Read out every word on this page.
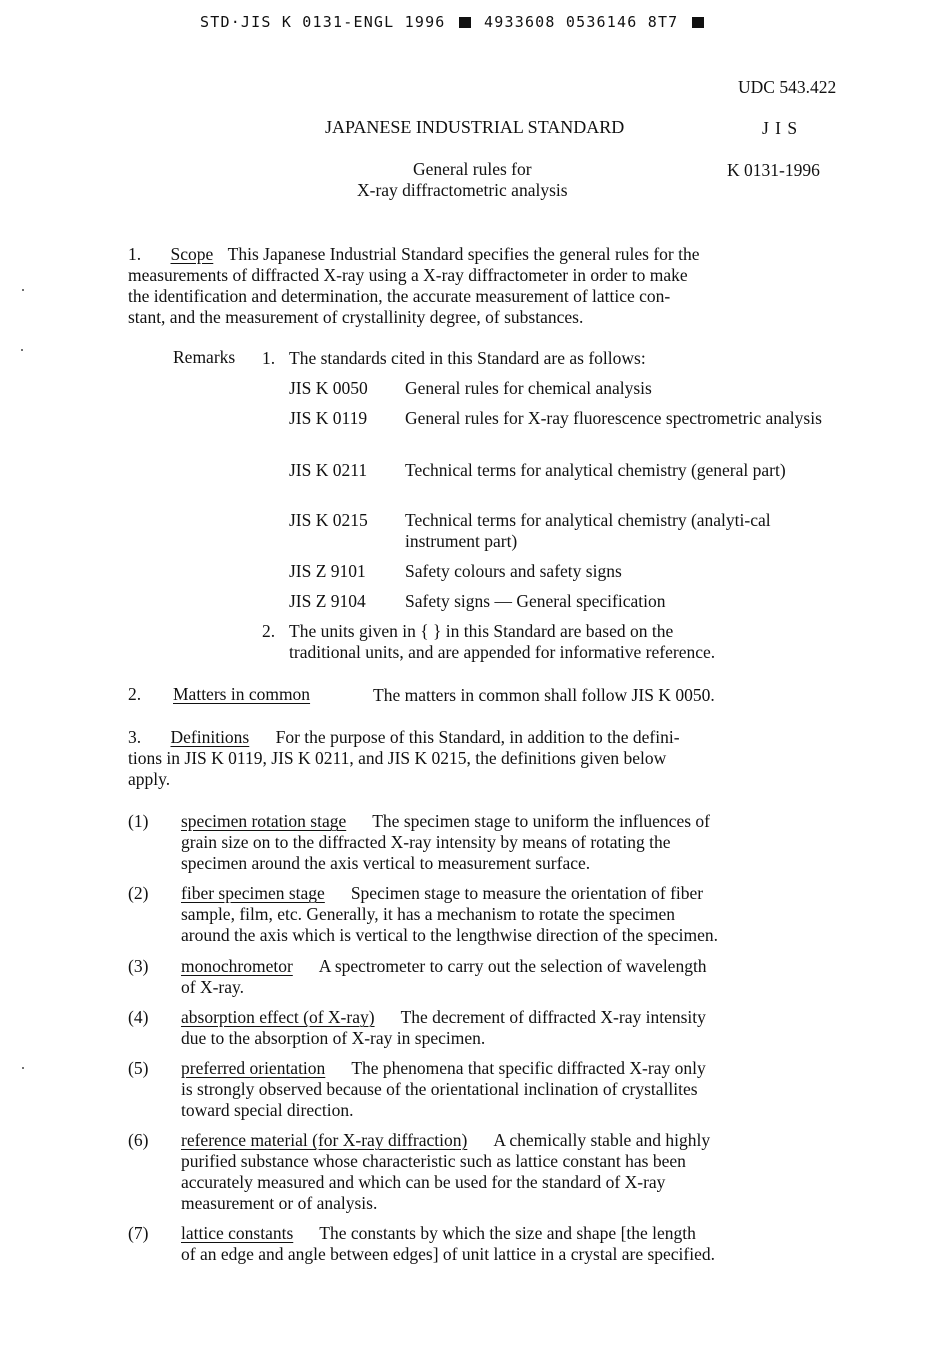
STD·JIS K 0131-ENGL 1996	4933608 0536146 8T7
UDC 543.422
JAPANESE INDUSTRIAL STANDARD	J I S
General rules for
X-ray diffractometric analysis
K 0131-1996
1. Scope This Japanese Industrial Standard specifies the general rules for the
measurements of diffracted X-ray using a X-ray diffractometer in order to make
the identification and determination, the accurate measurement of lattice con-
stant, and the measurement of crystallinity degree, of substances.
Remarks 1. The standards cited in this Standard are as follows:
JIS K 0050 General rules for chemical analysis
JIS K 0119 General rules for X-ray fluorescence spectrometric analysis
JIS K 0211 Technical terms for analytical chemistry (general part)
JIS K 0215 Technical terms for analytical chemistry (analyti-cal instrument part)
JIS Z 9101 Safety colours and safety signs
JIS Z 9104 Safety signs — General specification
2. The units given in { } in this Standard are based on the
traditional units, and are appended for informative reference.
2. Matters in common	The matters in common shall follow JIS K 0050.
3. Definitions For the purpose of this Standard, in addition to the defini-
tions in JIS K 0119, JIS K 0211, and JIS K 0215, the definitions given below
apply.
(1) specimen rotation stage The specimen stage to uniform the influences of
grain size on to the diffracted X-ray intensity by means of rotating the
specimen around the axis vertical to measurement surface.
(2) fiber specimen stage Specimen stage to measure the orientation of fiber
sample, film, etc. Generally, it has a mechanism to rotate the specimen
around the axis which is vertical to the lengthwise direction of the specimen.
(3) monochrometor A spectrometer to carry out the selection of wavelength
of X-ray.
(4) absorption effect (of X-ray) The decrement of diffracted X-ray intensity
due to the absorption of X-ray in specimen.
(5) preferred orientation The phenomena that specific diffracted X-ray only
is strongly observed because of the orientational inclination of crystallites
toward special direction.
(6) reference material (for X-ray diffraction) A chemically stable and highly
purified substance whose characteristic such as lattice constant has been
accurately measured and which can be used for the standard of X-ray
measurement or of analysis.
(7) lattice constants The constants by which the size and shape [the length
of an edge and angle between edges] of unit lattice in a crystal are specified.
